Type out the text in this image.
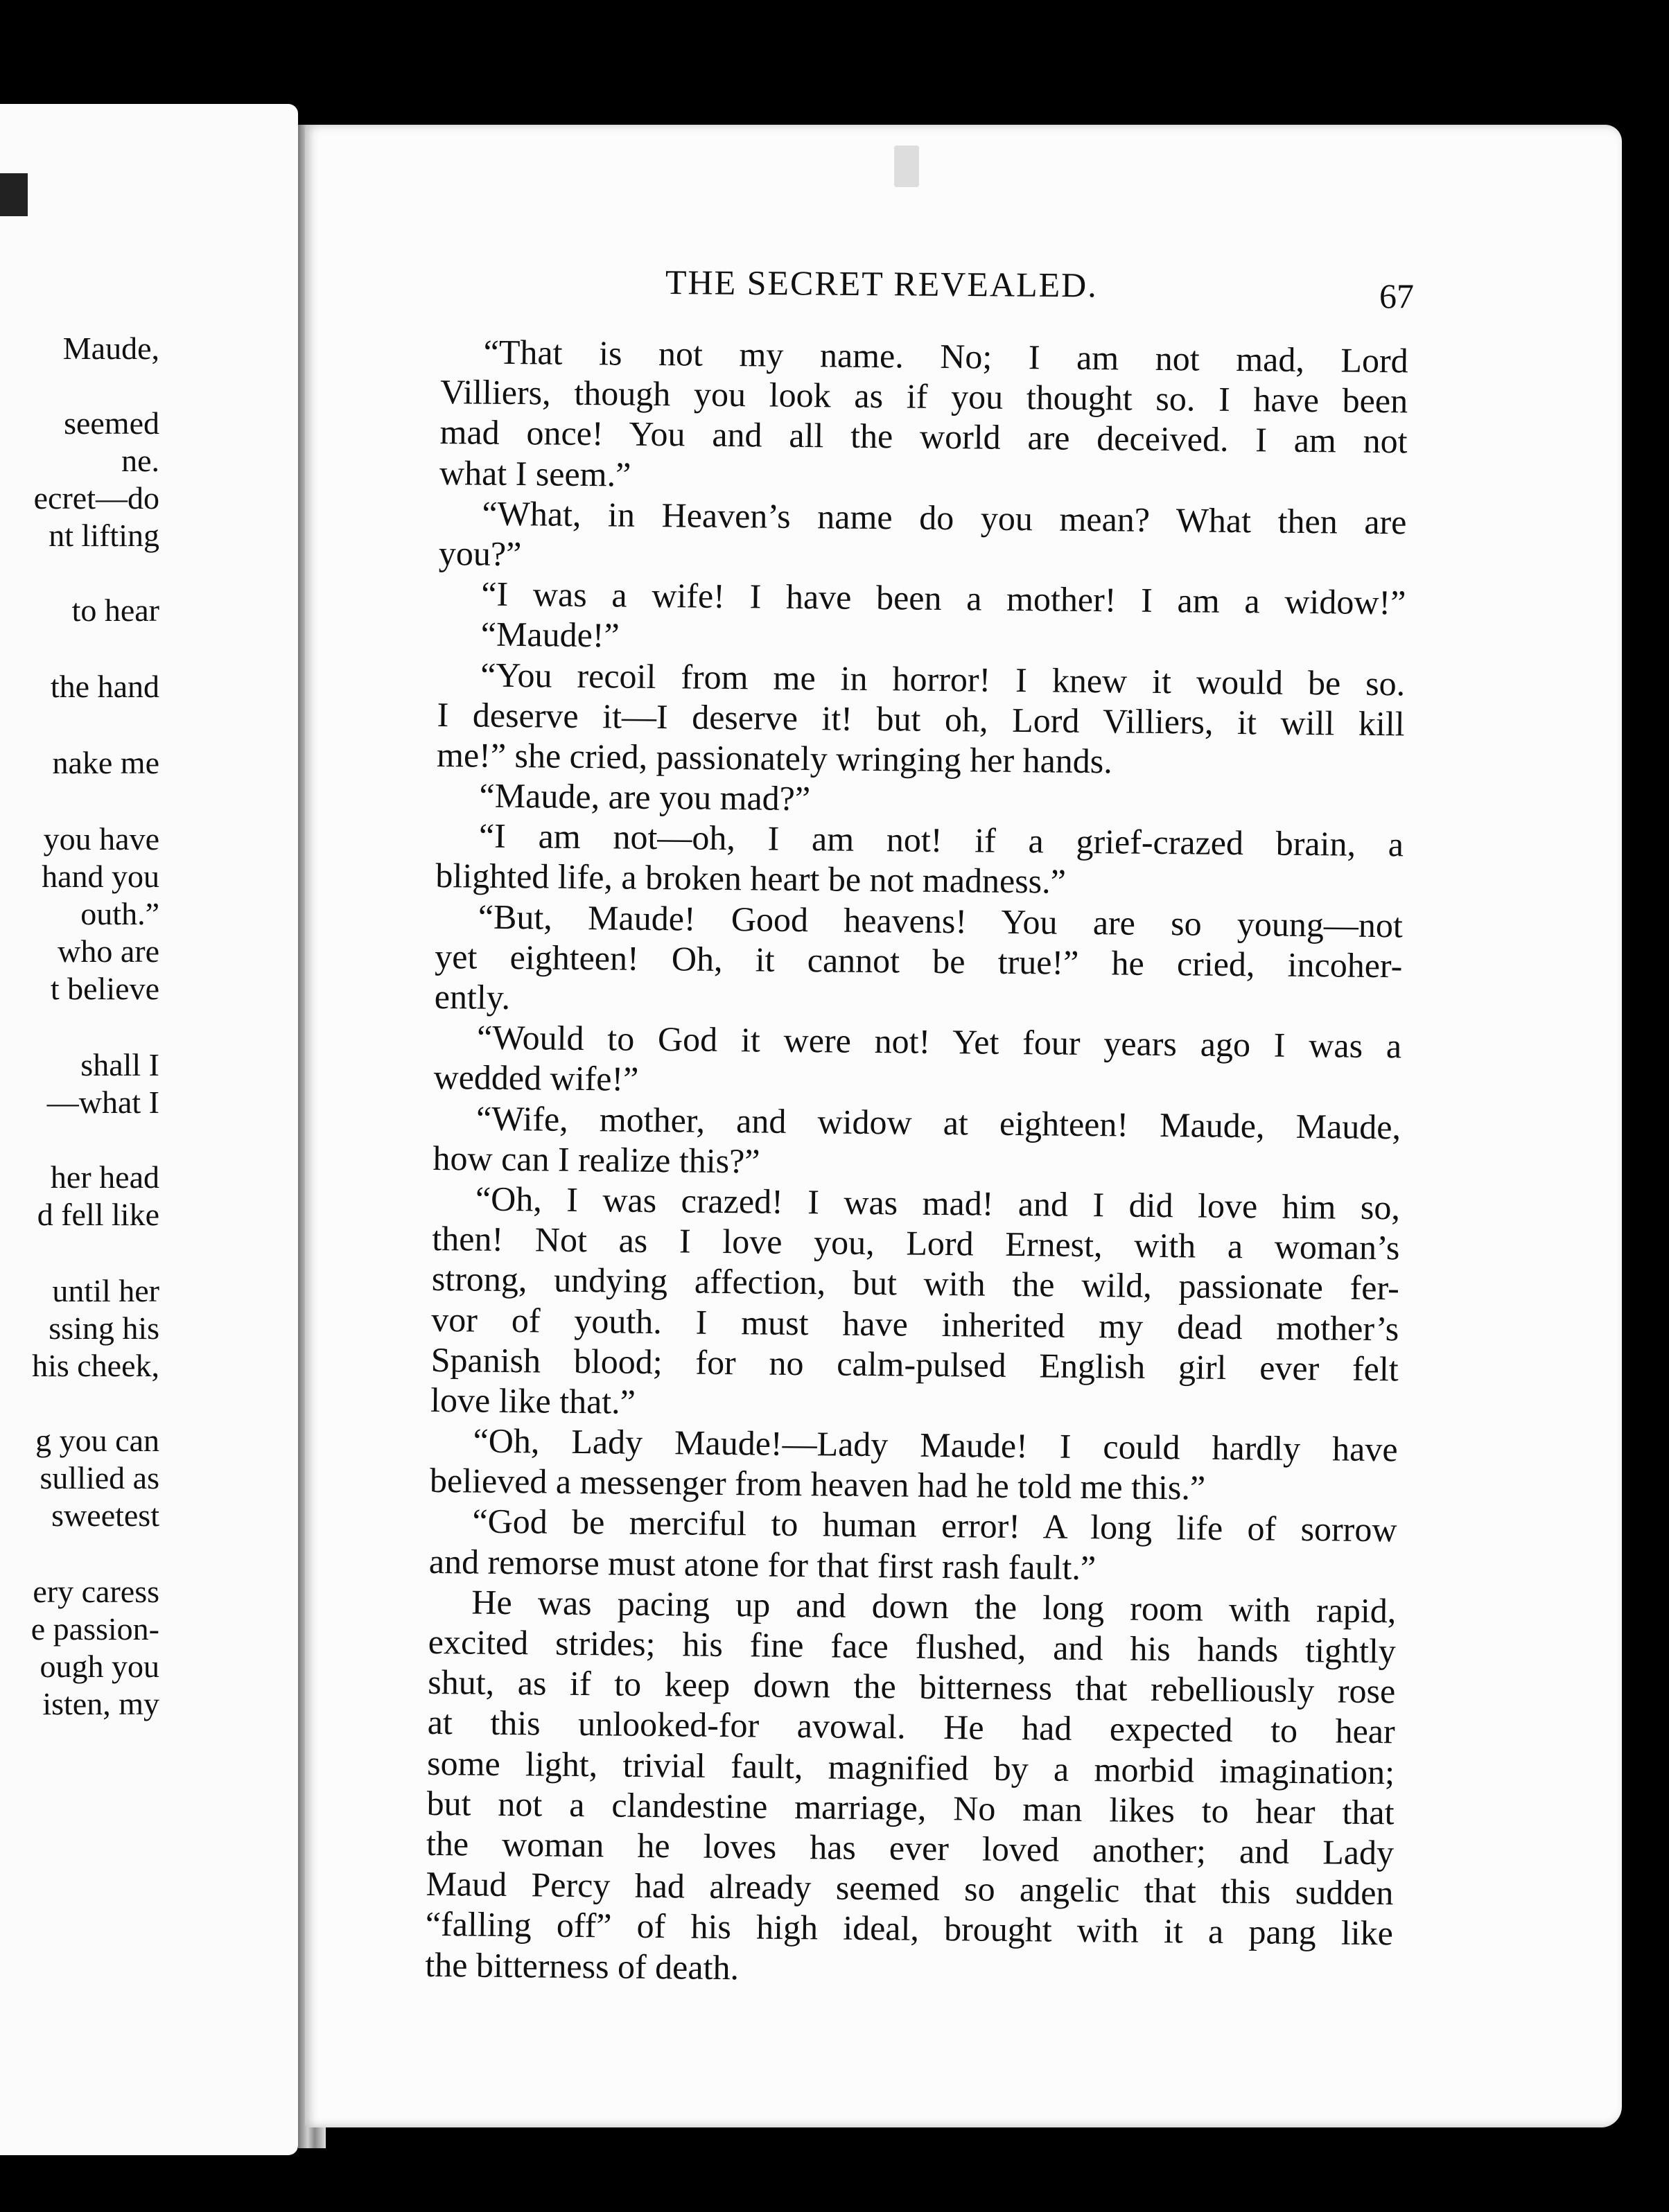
Maude,
seemed
ne.
ecret—do
nt lifting
to hear
the hand
nake me
you have
hand you
outh.”
who are
t believe
shall I
—what I
her head
d fell like
until her
ssing his
his cheek,
g you can
sullied as
sweetest
ery caress
e passion-
ough you
isten, my
THE SECRET REVEALED.	67
“That is not my name. No; I am not mad, Lord
Villiers, though you look as if you thought so. I have been
mad once! You and all the world are deceived. I am not
what I seem.”
“What, in Heaven’s name do you mean? What then are
you?”
“I was a wife! I have been a mother! I am a widow!”
“Maude!”
“You recoil from me in horror! I knew it would be so.
I deserve it—I deserve it! but oh, Lord Villiers, it will kill
me!” she cried, passionately wringing her hands.
“Maude, are you mad?”
“I am not—oh, I am not! if a grief-crazed brain, a
blighted life, a broken heart be not madness.”
“But, Maude! Good heavens! You are so young—not
yet eighteen! Oh, it cannot be true!” he cried, incoher-
ently.
“Would to God it were not! Yet four years ago I was a
wedded wife!”
“Wife, mother, and widow at eighteen! Maude, Maude,
how can I realize this?”
“Oh, I was crazed! I was mad! and I did love him so,
then! Not as I love you, Lord Ernest, with a woman’s
strong, undying affection, but with the wild, passionate fer-
vor of youth. I must have inherited my dead mother’s
Spanish blood; for no calm-pulsed English girl ever felt
love like that.”
“Oh, Lady Maude!—Lady Maude! I could hardly have
believed a messenger from heaven had he told me this.”
“God be merciful to human error! A long life of sorrow
and remorse must atone for that first rash fault.”
He was pacing up and down the long room with rapid,
excited strides; his fine face flushed, and his hands tightly
shut, as if to keep down the bitterness that rebelliously rose
at this unlooked-for avowal. He had expected to hear
some light, trivial fault, magnified by a morbid imagination;
but not a clandestine marriage, No man likes to hear that
the woman he loves has ever loved another; and Lady
Maud Percy had already seemed so angelic that this sudden
“falling off” of his high ideal, brought with it a pang like
the bitterness of death.
